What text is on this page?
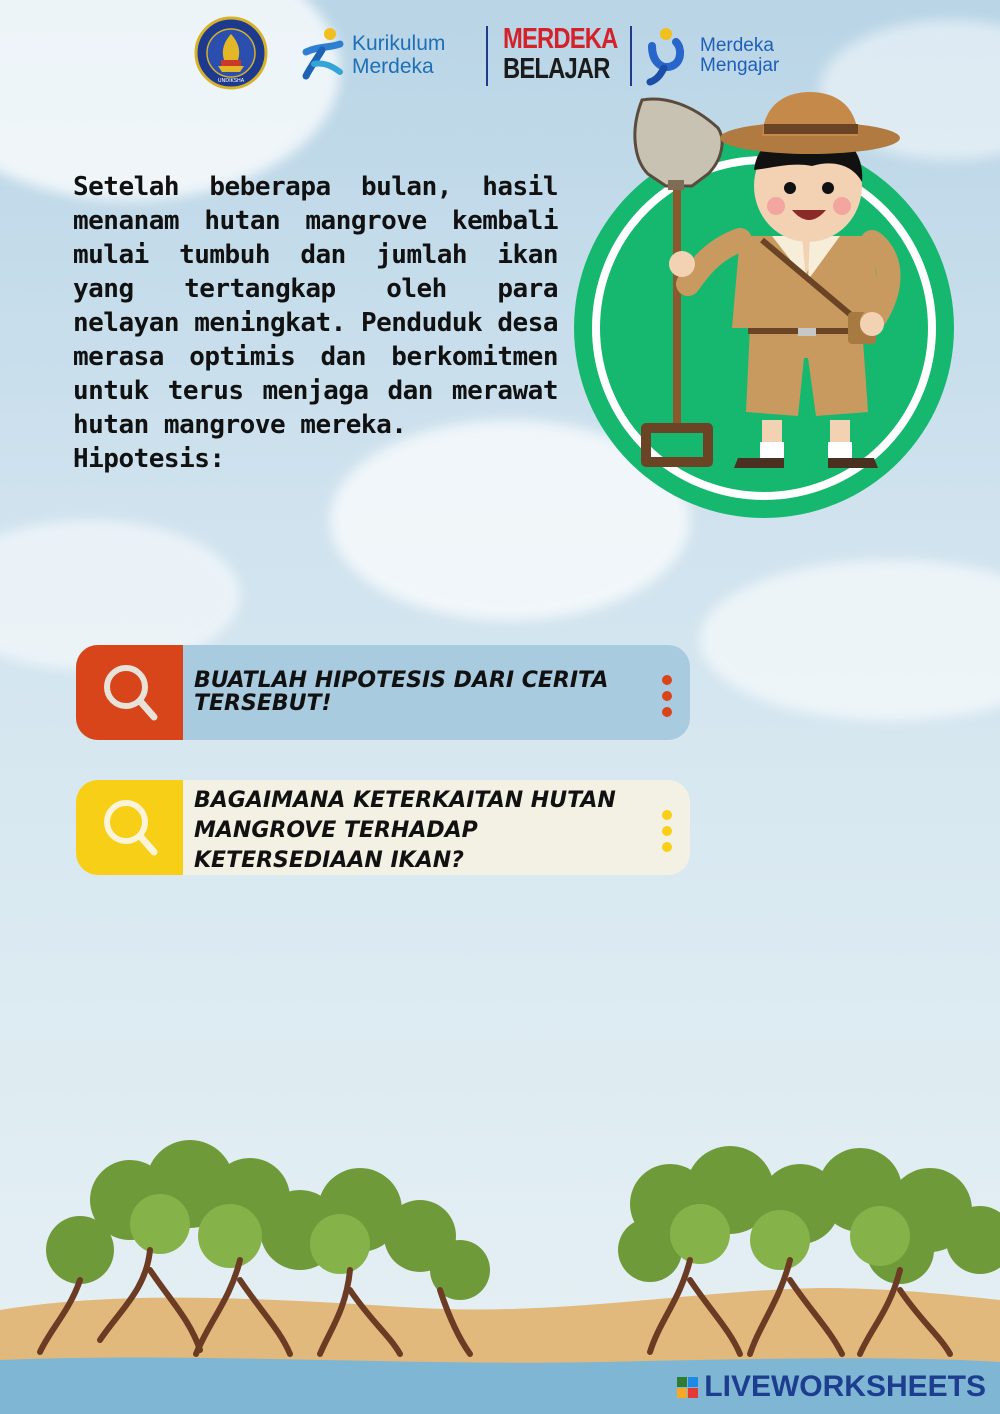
UNDIKSHA
Kurikulum
Merdeka
MERDEKA
BELAJAR
Merdeka
Mengajar
Setelah beberapa bulan, hasil menanam hutan mangrove kembali mulai tumbuh dan jumlah ikan yang tertangkap oleh para nelayan meningkat. Penduduk desa merasa optimis dan berkomitmen untuk terus menjaga dan merawat hutan mangrove mereka.
Hipotesis:
BUATLAH HIPOTESIS DARI CERITA TERSEBUT!
BAGAIMANA KETERKAITAN HUTAN MANGROVE TERHADAP KETERSEDIAAN IKAN?
LIVEWORKSHEETS
